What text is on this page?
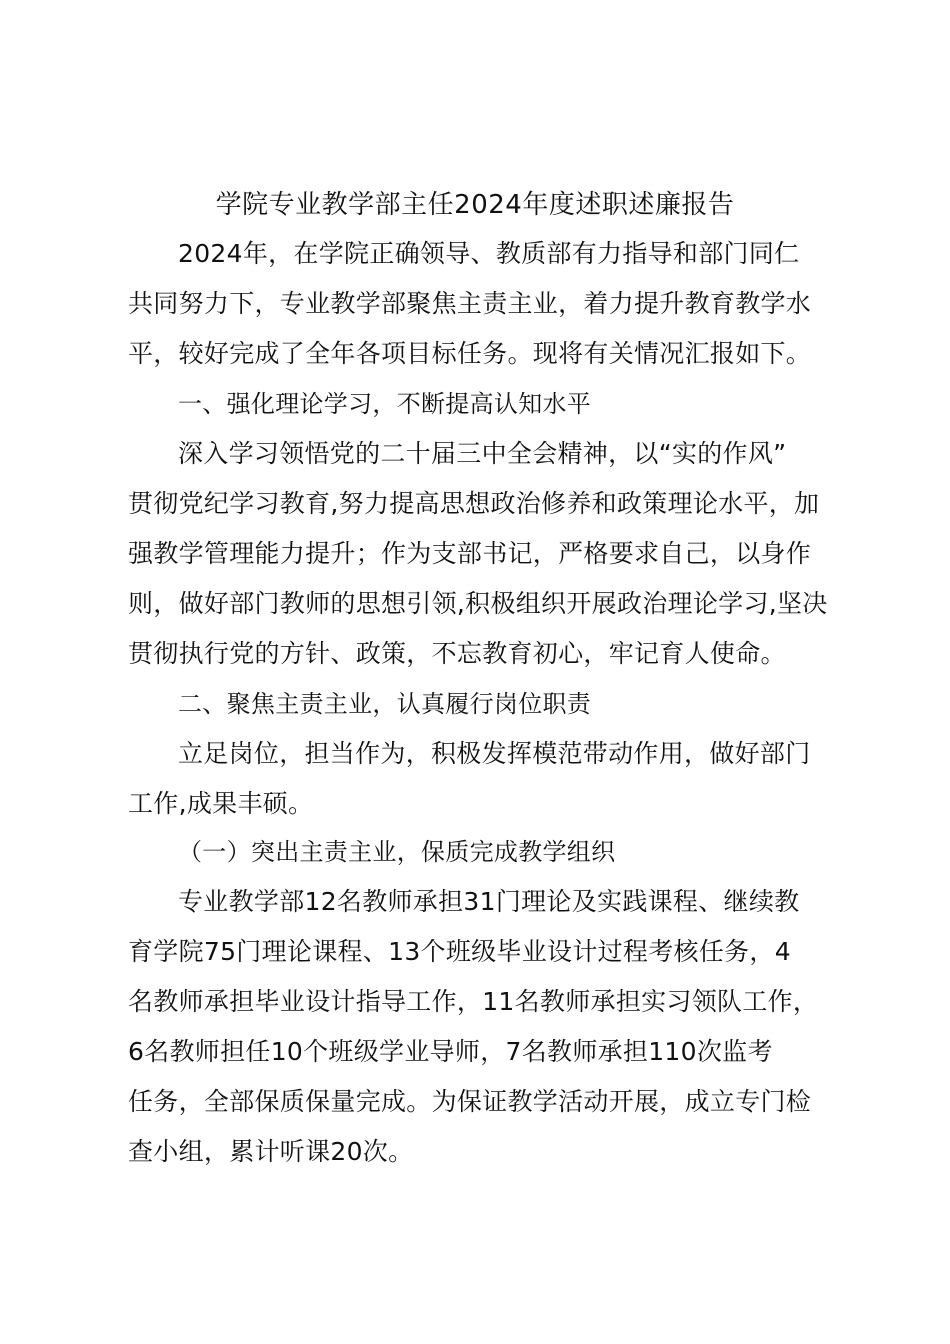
学院专业教学部主任2024年度述职述廉报告
2024年，在学院正确领导、教质部有力指导和部门同仁
共同努力下，专业教学部聚焦主责主业，着力提升教育教学水
平，较好完成了全年各项目标任务。现将有关情况汇报如下。
一、强化理论学习，不断提高认知水平
深入学习领悟党的二十届三中全会精神，以“实的作风”
贯彻党纪学习教育,努力提高思想政治修养和政策理论水平，加
强教学管理能力提升；作为支部书记，严格要求自己，以身作
则，做好部门教师的思想引领,积极组织开展政治理论学习,坚决
贯彻执行党的方针、政策，不忘教育初心，牢记育人使命。
二、聚焦主责主业，认真履行岗位职责
立足岗位，担当作为，积极发挥模范带动作用，做好部门
工作,成果丰硕。
（一）突出主责主业，保质完成教学组织
专业教学部12名教师承担31门理论及实践课程、继续教
育学院75门理论课程、13个班级毕业设计过程考核任务，4
名教师承担毕业设计指导工作，11名教师承担实习领队工作，
6名教师担任10个班级学业导师，7名教师承担110次监考
任务，全部保质保量完成。为保证教学活动开展，成立专门检
查小组，累计听课20次。
